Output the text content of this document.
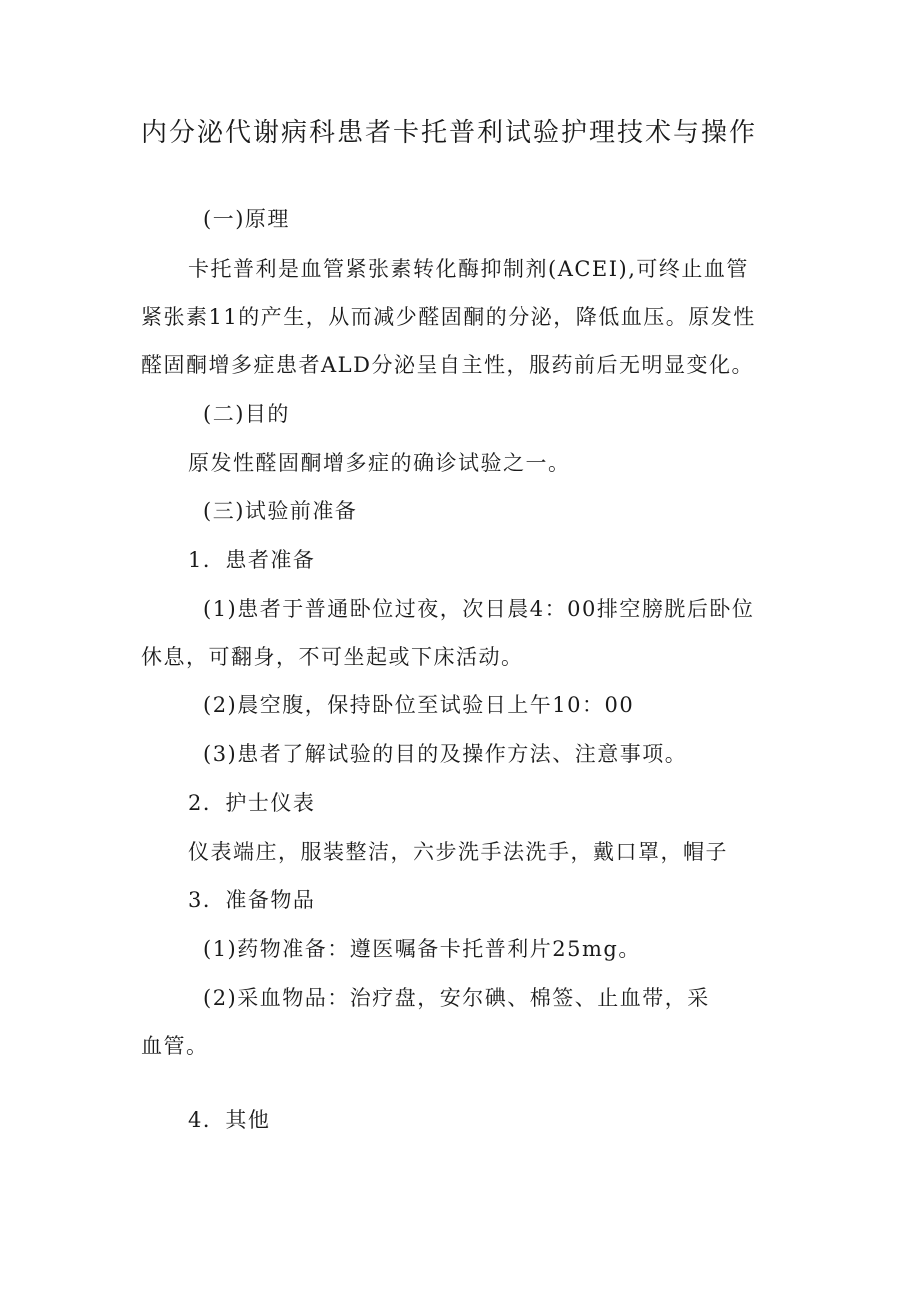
内分泌代谢病科患者卡托普利试验护理技术与操作

(一)原理

卡托普利是血管紧张素转化酶抑制剂(ACEI),可终止血管

紧张素11的产生，从而减少醛固酮的分泌，降低血压。原发性

醛固酮增多症患者ALD分泌呈自主性，服药前后无明显变化。

(二)目的

原发性醛固酮增多症的确诊试验之一。

(三)试验前准备

1．患者准备

(1)患者于普通卧位过夜，次日晨4：00排空膀胱后卧位

休息，可翻身，不可坐起或下床活动。

(2)晨空腹，保持卧位至试验日上午10：00

(3)患者了解试验的目的及操作方法、注意事项。

2．护士仪表

仪表端庄，服装整洁，六步洗手法洗手，戴口罩，帽子

3．准备物品

(1)药物准备：遵医嘱备卡托普利片25mg。

(2)采血物品：治疗盘，安尔碘、棉签、止血带，采

血管。

4．其他
